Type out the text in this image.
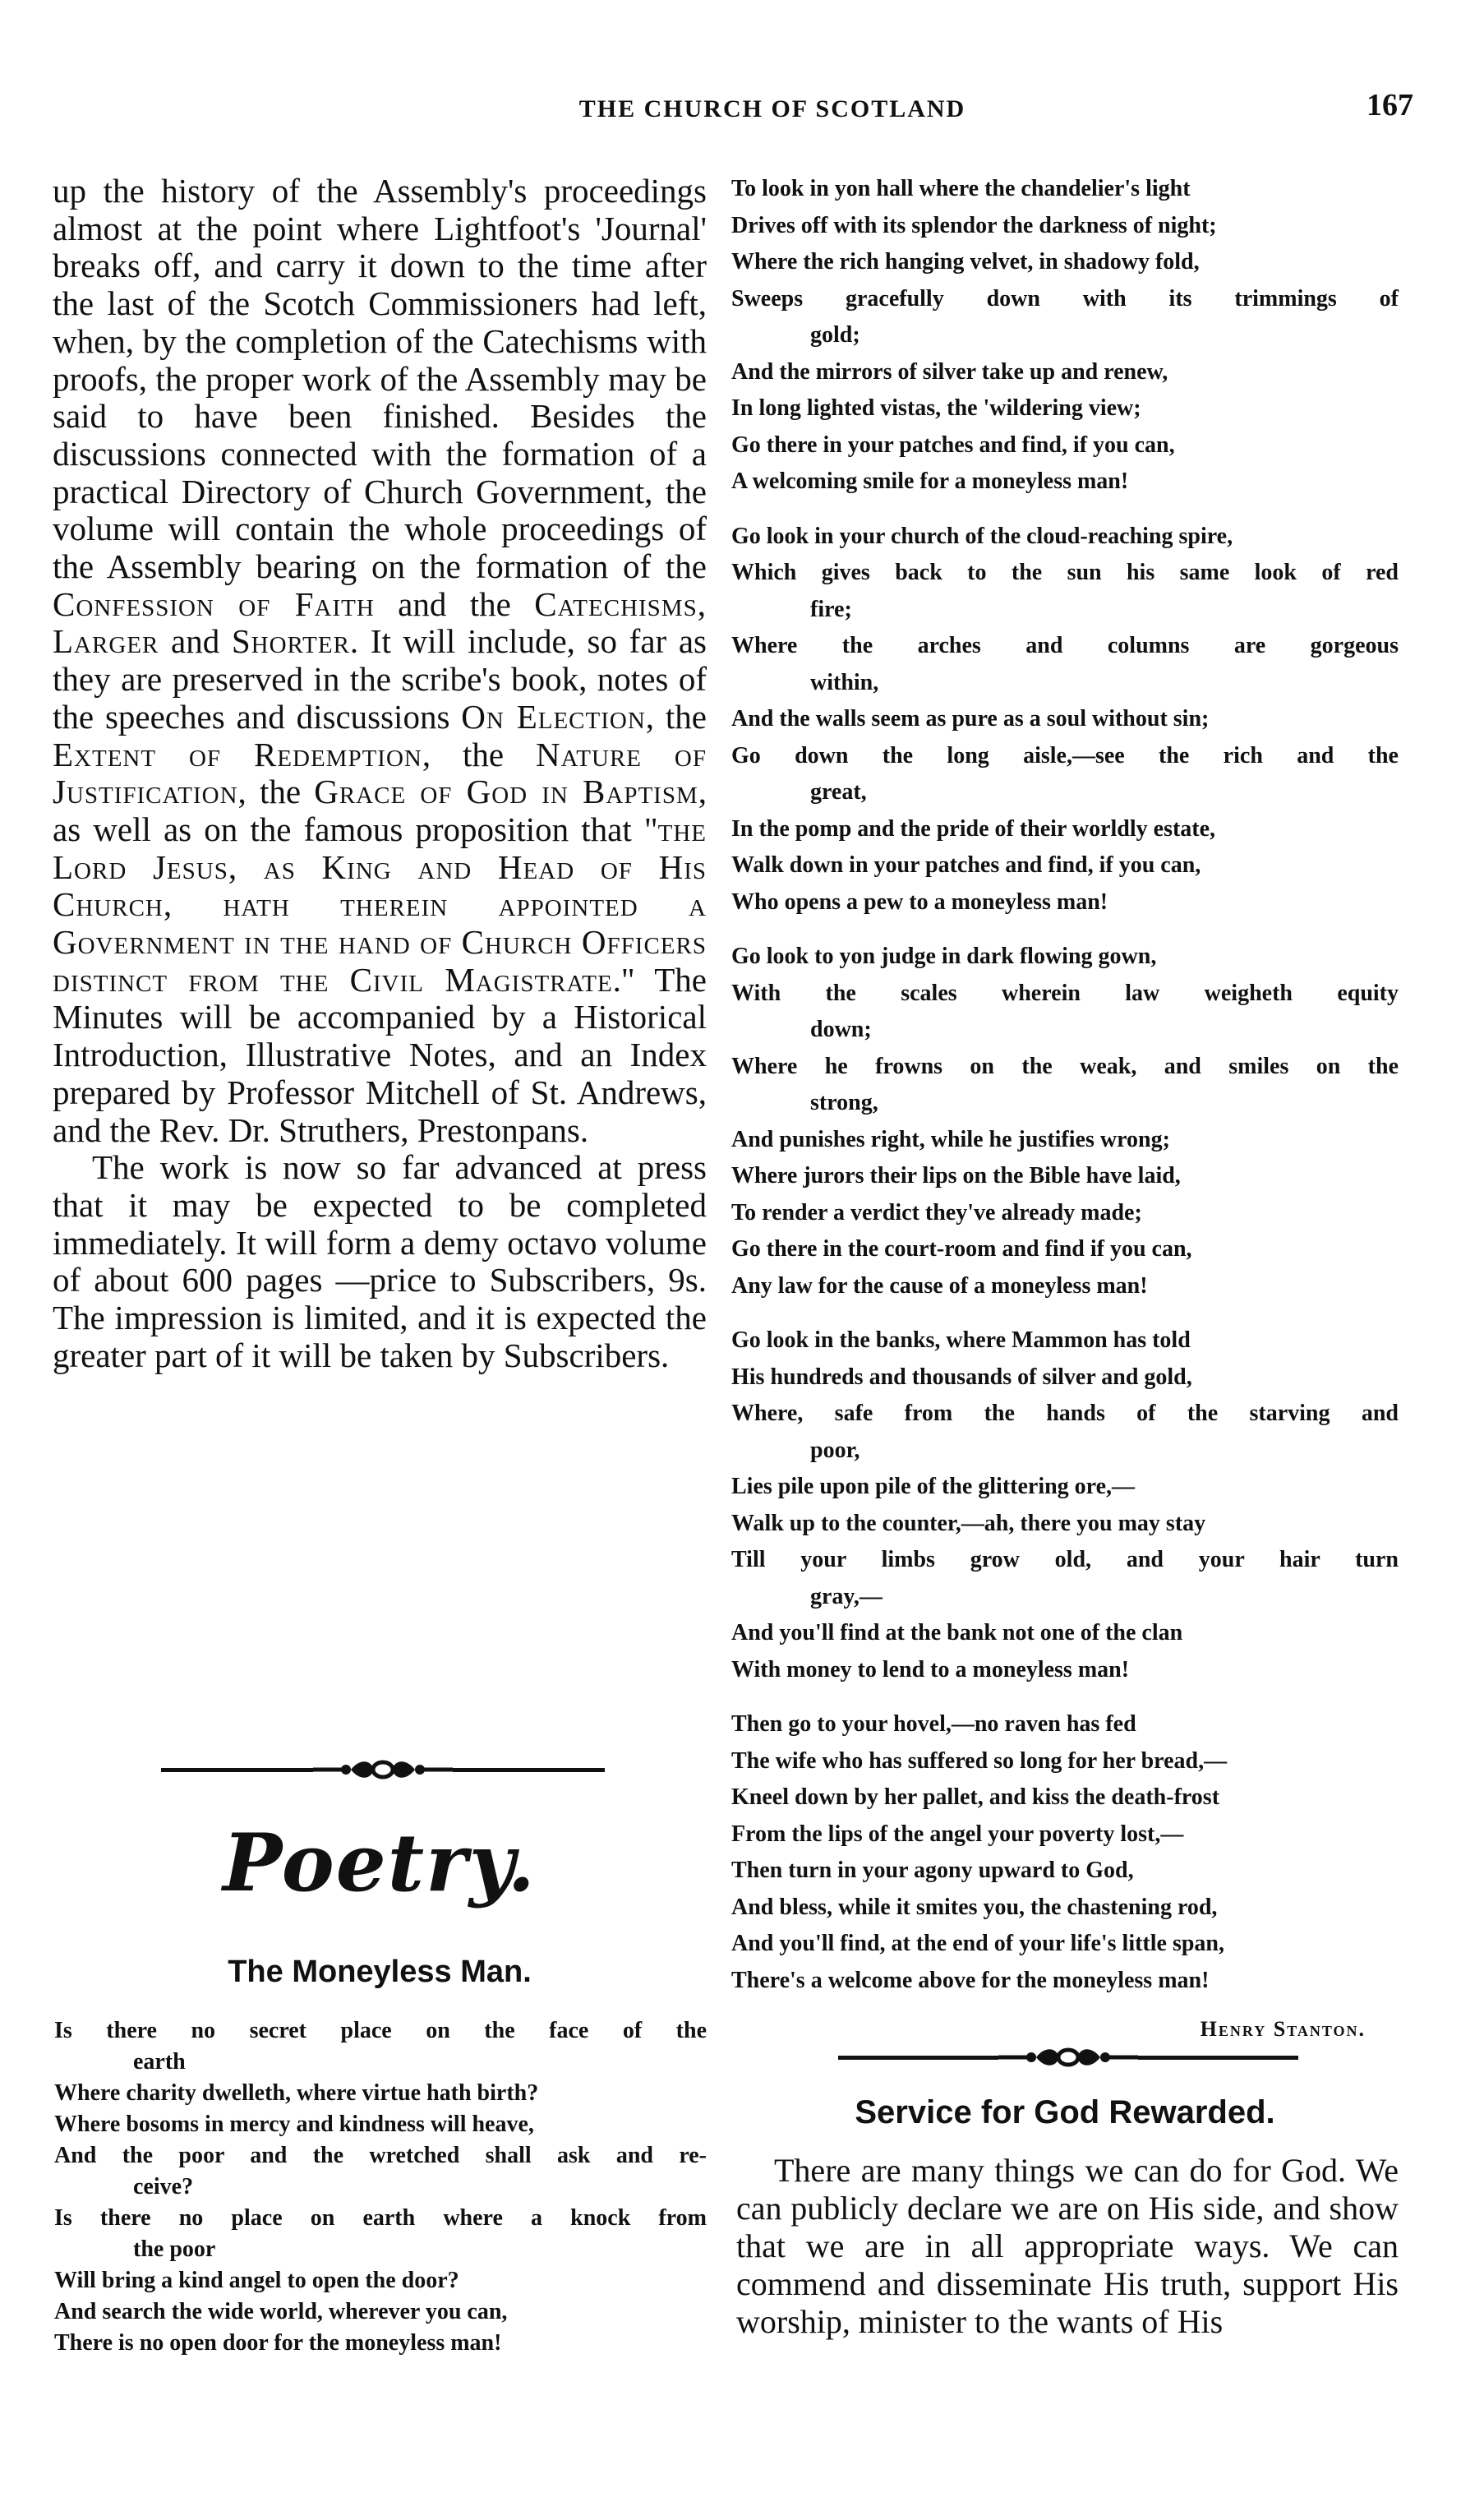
THE CHURCH OF SCOTLAND	167

up the history of the Assembly's proceedings almost at the point where Lightfoot's 'Journal' breaks off, and carry it down to the time after the last of the Scotch Commissioners had left, when, by the completion of the Catechisms with proofs, the proper work of the Assembly may be said to have been finished. Besides the discussions connected with the formation of a practical Directory of Church Government, the volume will contain the whole proceedings of the Assembly bearing on the formation of the Confession of Faith and the Catechisms, Larger and Shorter. It will include, so far as they are preserved in the scribe's book, notes of the speeches and discussions On Election, the Extent of Redemption, the Nature of Justification, the Grace of God in Baptism, as well as on the famous proposition that "the Lord Jesus, as King and Head of His Church, hath therein appointed a Government in the hand of Church Officers distinct from the Civil Magistrate." The Minutes will be accompanied by a Historical Introduction, Illustrative Notes, and an Index prepared by Professor Mitchell of St. Andrews, and the Rev. Dr. Struthers, Prestonpans.

The work is now so far advanced at press that it may be expected to be completed immediately. It will form a demy octavo volume of about 600 pages —price to Subscribers, 9s. The impression is limited, and it is expected the greater part of it will be taken by Subscribers.

Poetry.
The Moneyless Man.
Is there no secret place on the face of the
earth
Where charity dwelleth, where virtue hath birth?
Where bosoms in mercy and kindness will heave,
And the poor and the wretched shall ask and re-
ceive?
Is there no place on earth where a knock from
the poor
Will bring a kind angel to open the door?
And search the wide world, wherever you can,
There is no open door for the moneyless man!
To look in yon hall where the chandelier's light
Drives off with its splendor the darkness of night;
Where the rich hanging velvet, in shadowy fold,
Sweeps gracefully down with its trimmings of
gold;
And the mirrors of silver take up and renew,
In long lighted vistas, the 'wildering view;
Go there in your patches and find, if you can,
A welcoming smile for a moneyless man!
Go look in your church of the cloud-reaching spire,
Which gives back to the sun his same look of red
fire;
Where the arches and columns are gorgeous
within,
And the walls seem as pure as a soul without sin;
Go down the long aisle,—see the rich and the
great,
In the pomp and the pride of their worldly estate,
Walk down in your patches and find, if you can,
Who opens a pew to a moneyless man!
Go look to yon judge in dark flowing gown,
With the scales wherein law weigheth equity
down;
Where he frowns on the weak, and smiles on the
strong,
And punishes right, while he justifies wrong;
Where jurors their lips on the Bible have laid,
To render a verdict they've already made;
Go there in the court-room and find if you can,
Any law for the cause of a moneyless man!
Go look in the banks, where Mammon has told
His hundreds and thousands of silver and gold,
Where, safe from the hands of the starving and
poor,
Lies pile upon pile of the glittering ore,—
Walk up to the counter,—ah, there you may stay
Till your limbs grow old, and your hair turn
gray,—
And you'll find at the bank not one of the clan
With money to lend to a moneyless man!
Then go to your hovel,—no raven has fed
The wife who has suffered so long for her bread,—
Kneel down by her pallet, and kiss the death-frost
From the lips of the angel your poverty lost,—
Then turn in your agony upward to God,
And bless, while it smites you, the chastening rod,
And you'll find, at the end of your life's little span,
There's a welcome above for the moneyless man!
Henry Stanton.
Service for God Rewarded.

There are many things we can do for God. We can publicly declare we are on His side, and show that we are in all appropriate ways. We can commend and disseminate His truth, support His worship, minister to the wants of His
